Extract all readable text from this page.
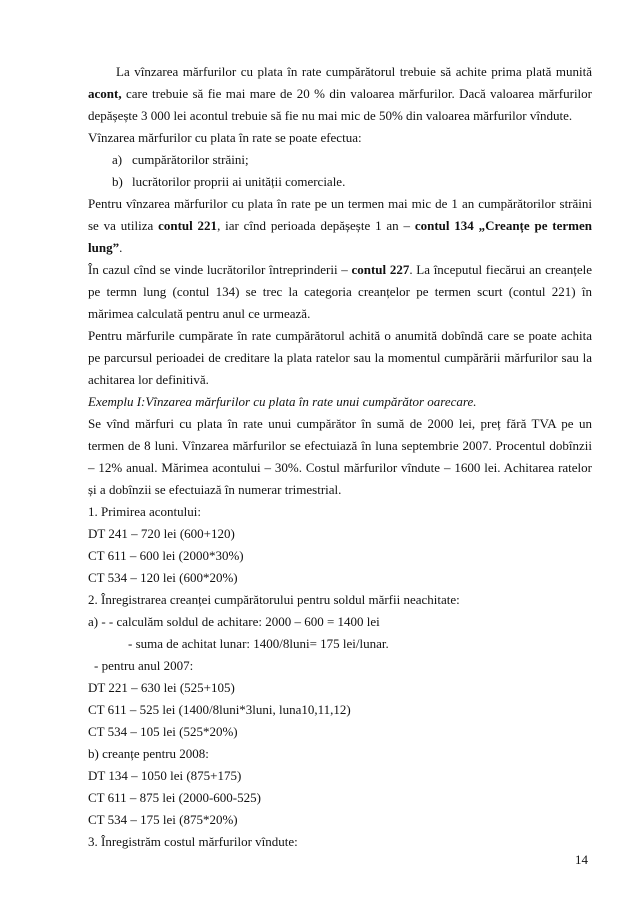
La vînzarea mărfurilor cu plata în rate cumpărătorul trebuie să achite prima plată munită acont, care trebuie să fie mai mare de 20 % din valoarea mărfurilor. Dacă valoarea mărfurilor depășește 3 000 lei acontul trebuie să fie nu mai mic de 50% din valoarea mărfurilor vîndute.

Vînzarea mărfurilor cu plata în rate se poate efectua:

a) cumpărătorilor străini;
b) lucrătorilor proprii ai unității comerciale.

Pentru vînzarea mărfurilor cu plata în rate pe un termen mai mic de 1 an cumpărătorilor străini se va utiliza contul 221, iar cînd perioada depășește 1 an – contul 134 „Creanțe pe termen lung”.

În cazul cînd se vinde lucrătorilor întreprinderii – contul 227. La începutul fiecărui an creanțele pe termn lung (contul 134) se trec la categoria creanțelor pe termen scurt (contul 221) în mărimea calculată pentru anul ce urmează.

Pentru mărfurile cumpărate în rate cumpărătorul achită o anumită dobîndă care se poate achita pe parcursul perioadei de creditare la plata ratelor sau la momentul cumpărării mărfurilor sau la achitarea lor definitivă.

Exemplu I:Vînzarea mărfurilor cu plata în rate unui cumpărător oarecare.

Se vînd mărfuri cu plata în rate unui cumpărător în sumă de 2000 lei, preț fără TVA pe un termen de 8 luni. Vînzarea mărfurilor se efectuiază în luna septembrie 2007. Procentul dobînzii – 12% anual. Mărimea acontului – 30%. Costul mărfurilor vîndute – 1600 lei. Achitarea ratelor și a dobînzii se efectuiază în numerar trimestrial.

1. Primirea acontului:

DT 241 – 720 lei (600+120)

CT 611 – 600 lei (2000*30%)

CT 534 – 120 lei (600*20%)

2. Înregistrarea creanței cumpărătorului pentru soldul mărfii neachitate:

a) - - calculăm soldul de achitare: 2000 – 600 = 1400 lei

- suma de achitat lunar: 1400/8luni= 175 lei/lunar.

- pentru anul 2007:

DT 221 – 630 lei (525+105)

CT 611 – 525 lei (1400/8luni*3luni, luna10,11,12)

CT 534 – 105 lei (525*20%)

b) creanțe pentru 2008:

DT 134 – 1050 lei (875+175)

CT 611 – 875 lei (2000-600-525)

CT 534 – 175 lei (875*20%)

3. Înregistrăm costul mărfurilor vîndute:

14
